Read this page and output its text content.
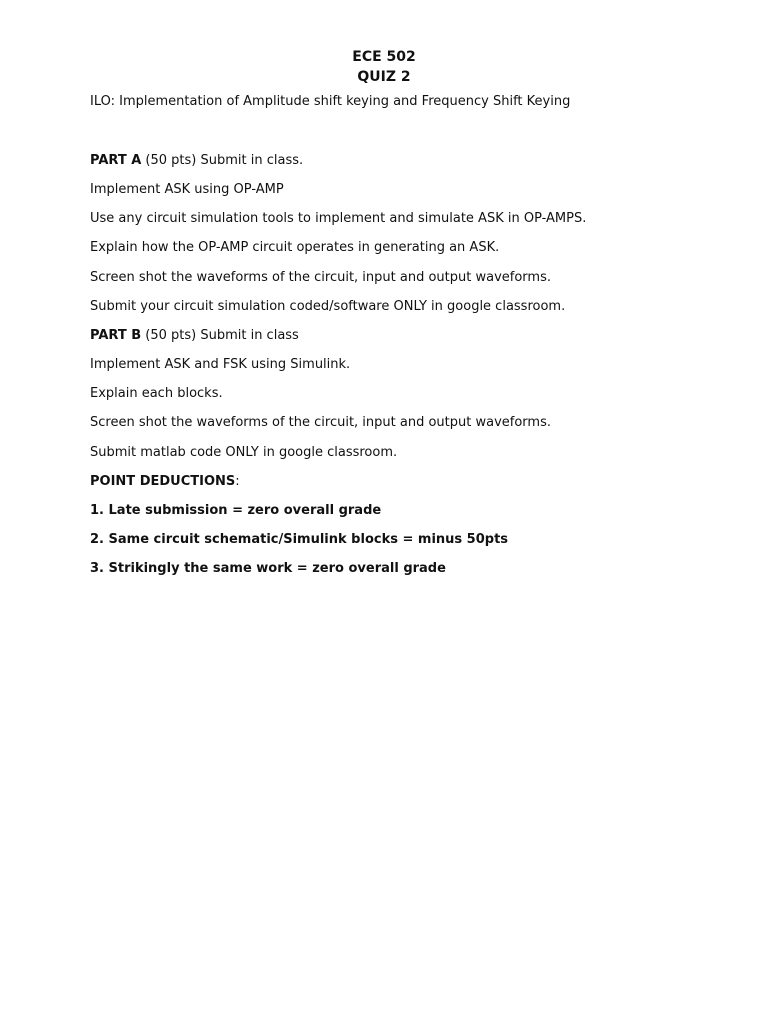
ECE 502
QUIZ 2
ILO: Implementation of Amplitude shift keying and Frequency Shift Keying
PART A (50 pts) Submit in class.
Implement ASK using OP-AMP
Use any circuit simulation tools to implement and simulate ASK in OP-AMPS.
Explain how the OP-AMP circuit operates in generating an ASK.
Screen shot the waveforms of the circuit, input and output waveforms.
Submit your circuit simulation coded/software ONLY in google classroom.
PART B (50 pts) Submit in class
Implement ASK and FSK using Simulink.
Explain each blocks.
Screen shot the waveforms of the circuit, input and output waveforms.
Submit matlab code ONLY in google classroom.
POINT DEDUCTIONS:
1. Late submission = zero overall grade
2. Same circuit schematic/Simulink blocks = minus 50pts
3. Strikingly the same work = zero overall grade
